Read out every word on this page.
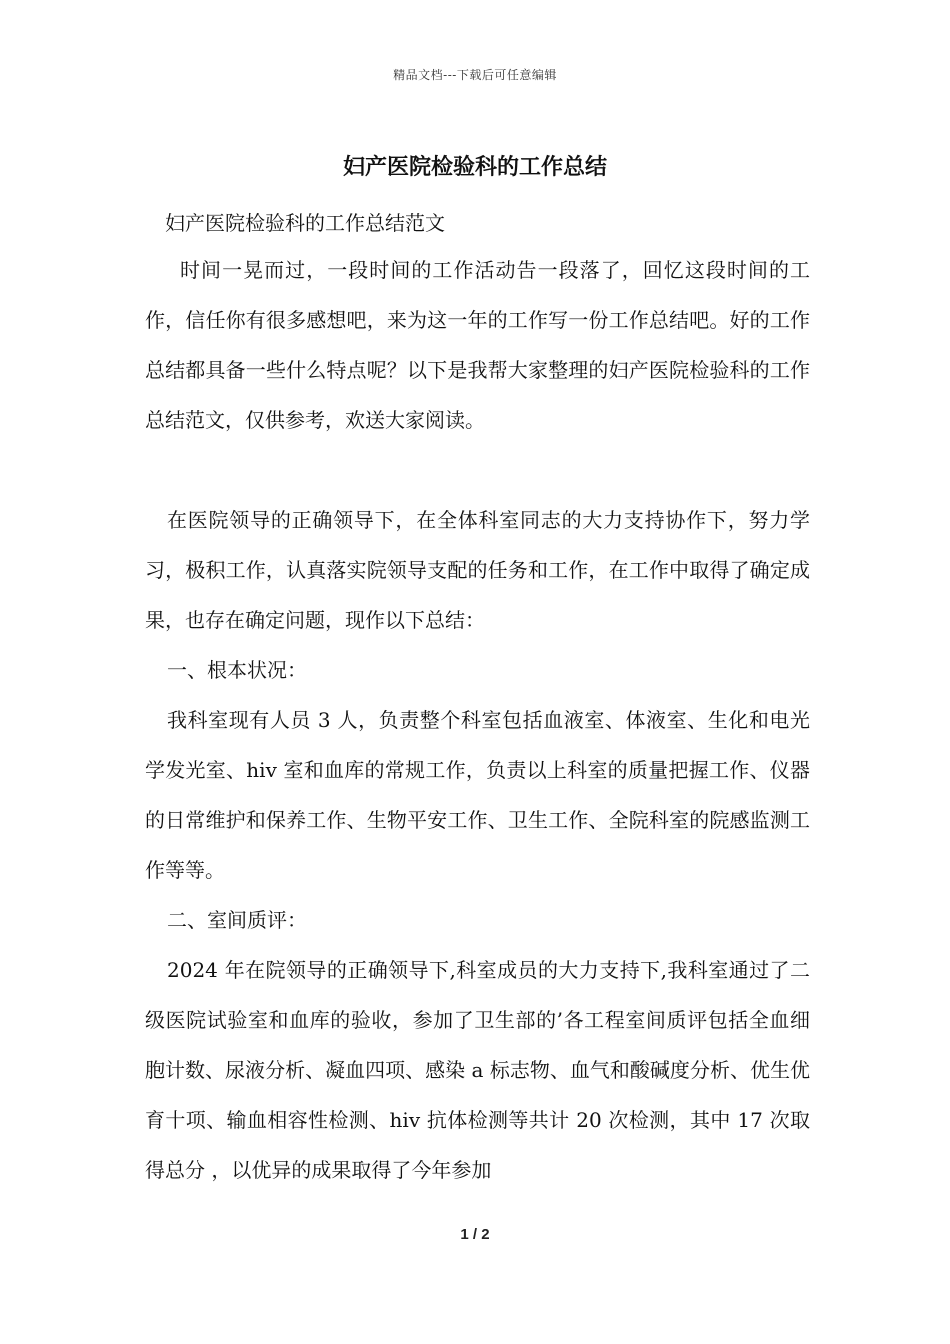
精品文档---下载后可任意编辑
妇产医院检验科的工作总结
妇产医院检验科的工作总结范文

时间一晃而过，一段时间的工作活动告一段落了，回忆这段时间的工作，信任你有很多感想吧，来为这一年的工作写一份工作总结吧。好的工作总结都具备一些什么特点呢？以下是我帮大家整理的妇产医院检验科的工作总结范文，仅供参考，欢送大家阅读。

在医院领导的正确领导下，在全体科室同志的大力支持协作下，努力学习，极积工作，认真落实院领导支配的任务和工作，在工作中取得了确定成果，也存在确定问题，现作以下总结：

一、根本状况：

我科室现有人员 3 人，负责整个科室包括血液室、体液室、生化和电光学发光室、hiv 室和血库的常规工作，负责以上科室的质量把握工作、仪器的日常维护和保养工作、生物平安工作、卫生工作、全院科室的院感监测工作等等。

二、室间质评：

2024 年在院领导的正确领导下,科室成员的大力支持下,我科室通过了二级医院试验室和血库的验收，参加了卫生部的’各工程室间质评包括全血细胞计数、尿液分析、凝血四项、感染 a 标志物、血气和酸碱度分析、优生优育十项、输血相容性检测、hiv 抗体检测等共计 20 次检测，其中 17 次取得总分 ，以优异的成果取得了今年参加

1 / 2
